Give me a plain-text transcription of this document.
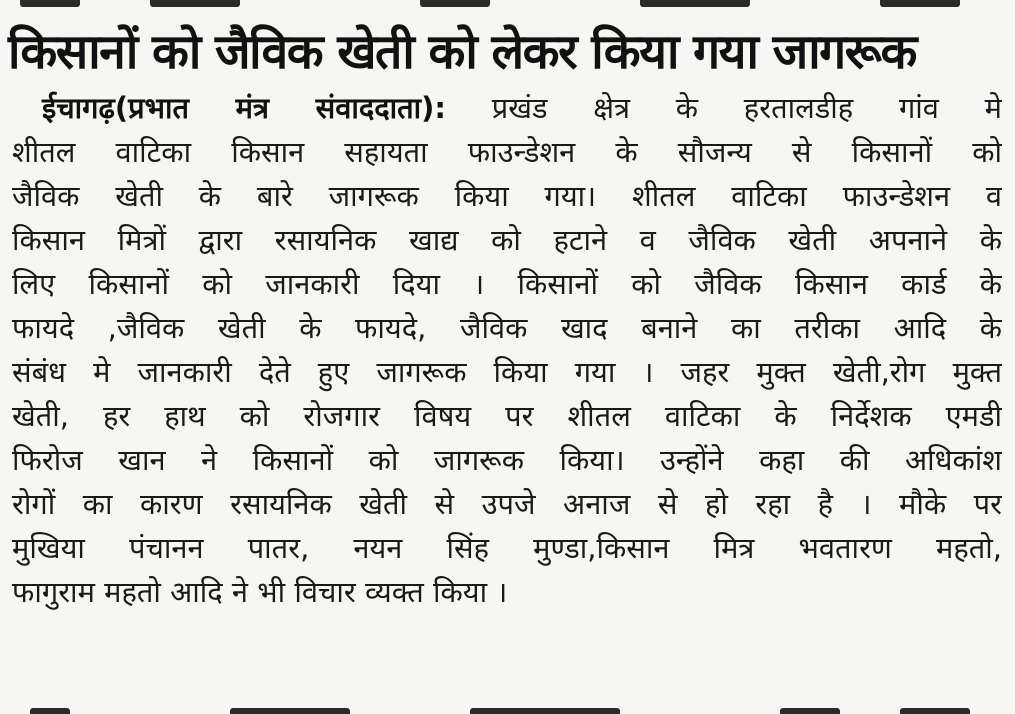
किसानों को जैविक खेती को लेकर किया गया जागरूक
ईचागढ़(प्रभात मंत्र संवाददाता): प्रखंड क्षेत्र के हरतालडीह गांव मे
शीतल वाटिका किसान सहायता फाउन्डेशन के सौजन्य से किसानों को
जैविक खेती के बारे जागरूक किया गया। शीतल वाटिका फाउन्डेशन व
किसान मित्रों द्वारा रसायनिक खाद्य को हटाने व जैविक खेती अपनाने के
लिए किसानों को जानकारी दिया । किसानों को जैविक किसान कार्ड के
फायदे ,जैविक खेती के फायदे, जैविक खाद बनाने का तरीका आदि के
संबंध मे जानकारी देते हुए जागरूक किया गया । जहर मुक्त खेती,रोग मुक्त
खेती, हर हाथ को रोजगार विषय पर शीतल वाटिका के निर्देशक एमडी
फिरोज खान ने किसानों को जागरूक किया। उन्होंने कहा की अधिकांश
रोगों का कारण रसायनिक खेती से उपजे अनाज से हो रहा है । मौके पर
मुखिया पंचानन पातर, नयन सिंह मुण्डा,किसान मित्र भवतारण महतो,
फागुराम महतो आदि ने भी विचार व्यक्त किया ।
